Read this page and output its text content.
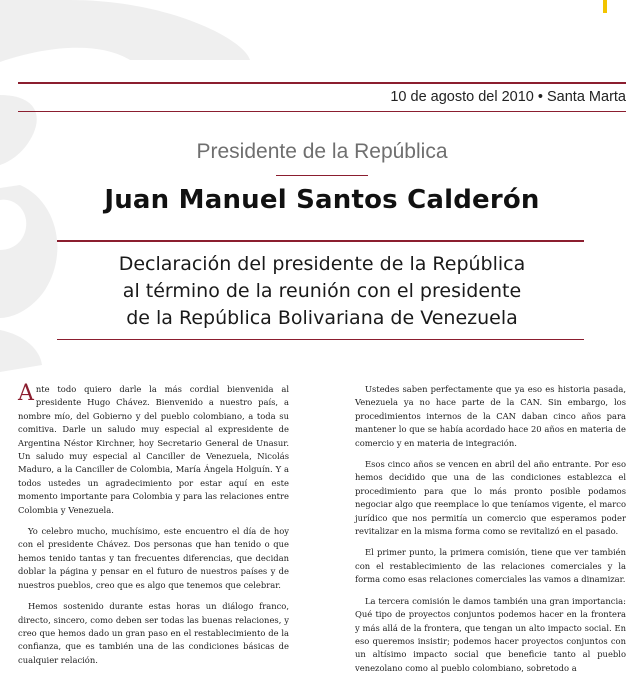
10 de agosto del 2010 • Santa Marta
Presidente de la República
Juan Manuel Santos Calderón
Declaración del presidente de la República
al término de la reunión con el presidente
de la República Bolivariana de Venezuela

Ante todo quiero darle la más cordial bienvenida al presidente Hugo Chávez. Bienvenido a nuestro país, a nombre mío, del Gobierno y del pueblo colombiano, a toda su comitiva. Darle un saludo muy especial al expresidente de Argentina Néstor Kirchner, hoy Secretario General de Unasur. Un saludo muy especial al Canciller de Venezuela, Nicolás Maduro, a la Canciller de Colombia, María Ángela Holguín. Y a todos ustedes un agradecimiento por estar aquí en este momento importante para Colombia y para las relaciones entre Colombia y Venezuela.

Yo celebro mucho, muchísimo, este encuentro el día de hoy con el presidente Chávez. Dos personas que han tenido o que hemos tenido tantas y tan frecuentes diferencias, que decidan doblar la página y pensar en el futuro de nuestros países y de nuestros pueblos, creo que es algo que tenemos que celebrar.

Hemos sostenido durante estas horas un diálogo franco, directo, sincero, como deben ser todas las buenas relaciones, y creo que hemos dado un gran paso en el restablecimiento de la confianza, que es también una de las condiciones básicas de cualquier relación.

Ustedes saben perfectamente que ya eso es historia pasada, Venezuela ya no hace parte de la CAN. Sin embargo, los procedimientos internos de la CAN daban cinco años para mantener lo que se había acordado hace 20 años en materia de comercio y en materia de integración.

Esos cinco años se vencen en abril del año entrante. Por eso hemos decidido que una de las condiciones establezca el procedimiento para que lo más pronto posible podamos negociar algo que reemplace lo que teníamos vigente, el marco jurídico que nos permitía un comercio que esperamos poder revitalizar en la misma forma como se revitalizó en el pasado.

El primer punto, la primera comisión, tiene que ver también con el restablecimiento de las relaciones comerciales y la forma como esas relaciones comerciales las vamos a dinamizar.

La tercera comisión le damos también una gran importancia: Qué tipo de proyectos conjuntos podemos hacer en la frontera y más allá de la frontera, que tengan un alto impacto social. En eso queremos insistir; podemos hacer proyectos conjuntos con un altísimo impacto social que beneficie tanto al pueblo venezolano como al pueblo colombiano, sobretodo a
